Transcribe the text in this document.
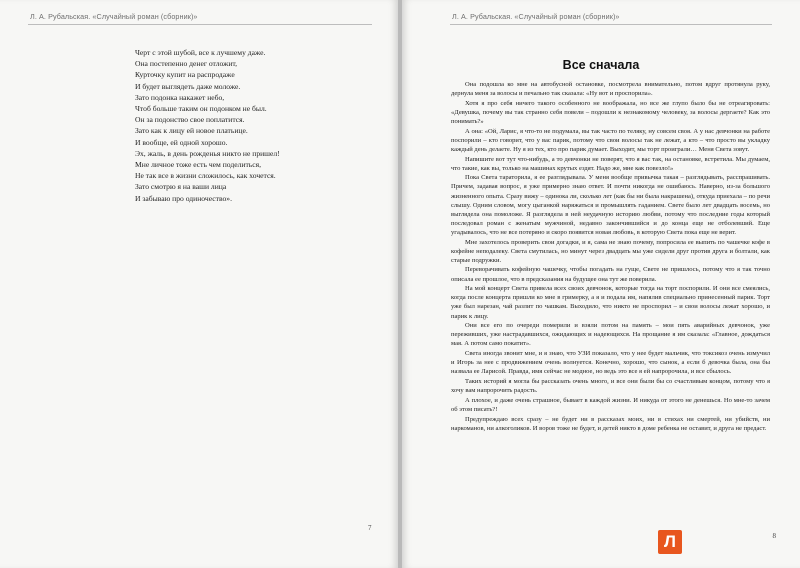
Л. А. Рубальская. «Случайный роман (сборник)»
Черт с этой шубой, все к лучшему даже.
Она постепенно денег отложит,
Курточку купит на распродаже
И будет выглядеть даже моложе.
Зато подонка накажет небо,
Чтоб больше таким он подонком не был.
Он за подонство свое поплатится.
Зато как к лицу ей новое платьице.
И вообще, ей одной хорошо.
Эх, жаль, в день рожденья никто не пришел!
Мне личное тоже есть чем поделиться,
Не так все в жизни сложилось, как хочется.
Зато смотрю я на ваши лица
И забываю про одиночество».
7
Л. А. Рубальская. «Случайный роман (сборник)»
Все сначала

Она подошла ко мне на автобусной остановке, посмотрела внимательно, потом вдруг протянула руку, дернула меня за волосы и печально так сказала: «Ну вот и проспорила».

Хотя я про себя ничего такого особенного не воображала, но все же глупо было бы не отреагировать: «Девушка, почему вы так странно себя повели – подошли к незнакомому человеку, за волосы дергаете? Как это понимать?»

А она: «Ой, Ларис, я что-то не подумала, вы так часто по теляку, ну совсем своя. А у нас девчонки на работе поспорили – кто говорит, что у вас парик, потому что свои волосы так не лежат, а кто – что просто вы укладку каждый день делаете. Ну я из тех, кто про парик думает. Выходит, мы торт проиграли… Меня Света зовут.

Напишите вот тут что-нибудь, а то девчонки не поверят, что я вас так, на остановке, встретила. Мы думаем, что такие, как вы, только на машинах крутых ездят. Надо же, мне как повезло!»

Пока Света тараторила, я ее разглядывала. У меня вообще привычка такая – разглядывать, расспрашивать. Причем, задавая вопрос, я уже примерно знаю ответ. И почти никогда не ошибаюсь. Наверно, из-за большого жизненного опыта. Сразу вижу – одинока ли, сколько лет (как бы ни была накрашена), откуда приехала – по речи слышу. Одним словом, могу цыганкой наряжаться и промышлять гаданием. Свете было лет двадцать восемь, но выглядела она помоложе. Я разглядела в ней неудачную историю любви, потому что последние годы который последовал роман с женатым мужчиной, недавно закончившийся и до конца еще не отболевший. Еще угадывалось, что не все потеряно и скоро появится новая любовь, в которую Света пока еще не верит.

Мне захотелось проверить свои догадки, и я, сама не знаю почему, попросила ее выпить по чашечке кофе в кофейне неподалеку. Света смутилась, но минут через двадцать мы уже сидели друг против друга и болтали, как старые подружки.

Переворачивать кофейную чашечку, чтобы погадать на гуще, Свете не пришлось, потому что я так точно описала ее прошлое, что в предсказания на будущее она тут же поверила.

На мой концерт Света привела всех своих девчонок, которые тогда на торт поспорили. И они все смеялись, когда после концерта пришли ко мне в гримерку, а я и подала им, напялив специально принесенный парик. Торт уже был нарезан, чай разлит по чашкам. Выходило, что никто не проспорил – и свои волосы лежат хорошо, и парик к лицу.

Они все его по очереди померили и взяли потом на память – мои пять аварийных девчонок, уже переживших, уже настрадавшихся, ожидающих и надеющихся. На прощание я им сказала: «Главное, дождаться мая. А потом само покатит».

Света иногда звонит мне, и я знаю, что УЗИ показало, что у нее будет мальчик, что токсикоз очень измучил и Игорь за нее с продвижением очень волнуется. Конечно, хорошо, что сынок, а если б девочка была, она бы назвала ее Ларисой. Правда, имя сейчас не модное, но ведь это все я ей напророчила, и все сбылось.

Таких историй я могла бы рассказать очень много, и все они были бы со счастливым концом, потому что я хочу вам напророчить радость.

А плохое, и даже очень страшное, бывает в каждой жизни. И никуда от этого не денешься. Но мне-то зачем об этом писать?!

Предупреждаю всех сразу – не будет ни в рассказах моих, ни в стихах ни смертей, ни убийств, ни наркоманов, ни алкоголиков. И воров тоже не будет, и детей никто в доме ребенка не оставит, и друга не предаст.

8
Л
